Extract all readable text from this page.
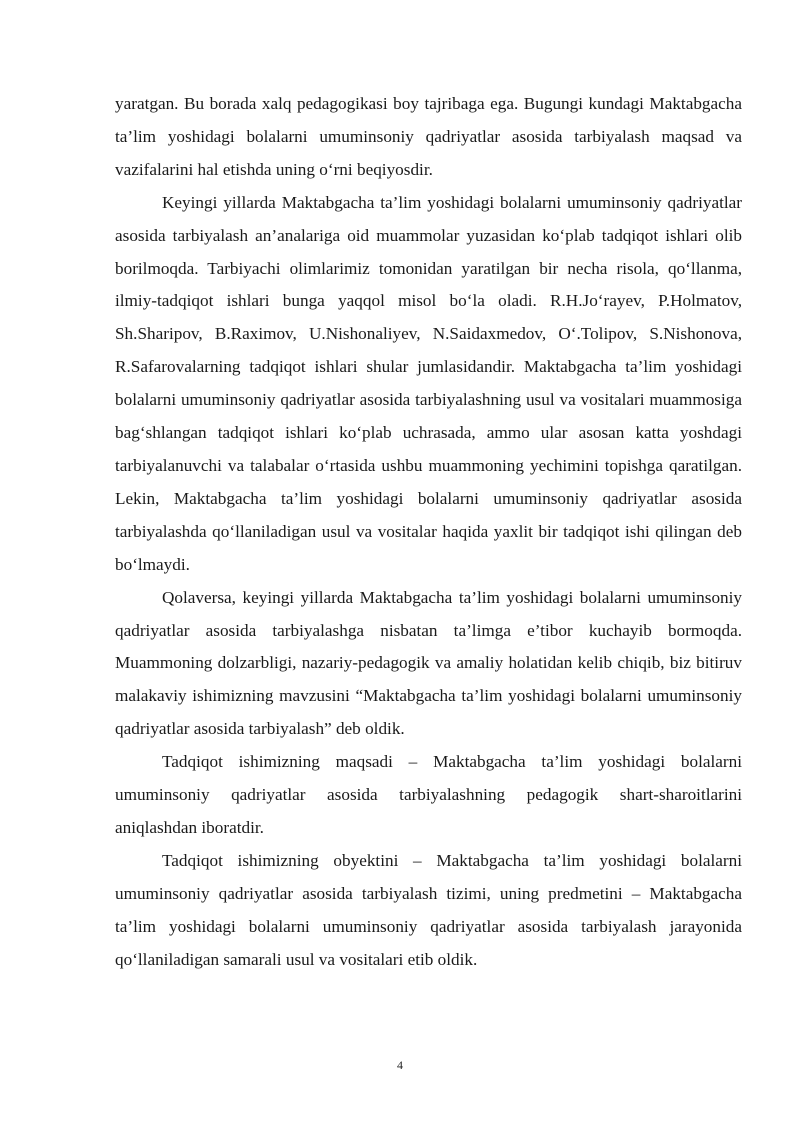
yaratgan. Bu borada xalq pedagogikasi boy tajribaga ega. Bugungi kundagi Maktabgacha ta’lim yoshidagi bolalarni umuminsoniy qadriyatlar asosida tarbiyalash maqsad va vazifalarini hal etishda uning o‘rni beqiyosdir.

Keyingi yillarda Maktabgacha ta’lim yoshidagi bolalarni umuminsoniy qadriyatlar asosida tarbiyalash an’analariga oid muammolar yuzasidan ko‘plab tadqiqot ishlari olib borilmoqda. Tarbiyachi olimlarimiz tomonidan yaratilgan bir necha risola, qo‘llanma, ilmiy-tadqiqot ishlari bunga yaqqol misol bo‘la oladi. R.H.Jo‘rayev, P.Holmatov, Sh.Sharipov, B.Raximov, U.Nishonaliyev, N.Saidaxmedov, O‘.Tolipov, S.Nishonova, R.Safarovalarning tadqiqot ishlari shular jumlasidandir. Maktabgacha ta’lim yoshidagi bolalarni umuminsoniy qadriyatlar asosida tarbiyalashning usul va vositalari muammosiga bag‘shlangan tadqiqot ishlari ko‘plab uchrasada, ammo ular asosan katta yoshdagi tarbiyalanuvchi va talabalar o‘rtasida ushbu muammoning yechimini topishga qaratilgan. Lekin, Maktabgacha ta’lim yoshidagi bolalarni umuminsoniy qadriyatlar asosida tarbiyalashda qo‘llaniladigan usul va vositalar haqida yaxlit bir tadqiqot ishi qilingan deb bo‘lmaydi.

Qolaversa, keyingi yillarda Maktabgacha ta’lim yoshidagi bolalarni umuminsoniy qadriyatlar asosida tarbiyalashga nisbatan ta’limga e’tibor kuchayib bormoqda. Muammoning dolzarbligi, nazariy-pedagogik va amaliy holatidan kelib chiqib, biz bitiruv malakaviy ishimizning mavzusini “Maktabgacha ta’lim yoshidagi bolalarni umuminsoniy qadriyatlar asosida tarbiyalash” deb oldik.

Tadqiqot ishimizning maqsadi – Maktabgacha ta’lim yoshidagi bolalarni umuminsoniy qadriyatlar asosida tarbiyalashning pedagogik shart-sharoitlarini aniqlashdan iboratdir.

Tadqiqot ishimizning obyektini – Maktabgacha ta’lim yoshidagi bolalarni umuminsoniy qadriyatlar asosida tarbiyalash tizimi, uning predmetini – Maktabgacha ta’lim yoshidagi bolalarni umuminsoniy qadriyatlar asosida tarbiyalash jarayonida qo‘llaniladigan samarali usul va vositalari etib oldik.

4
